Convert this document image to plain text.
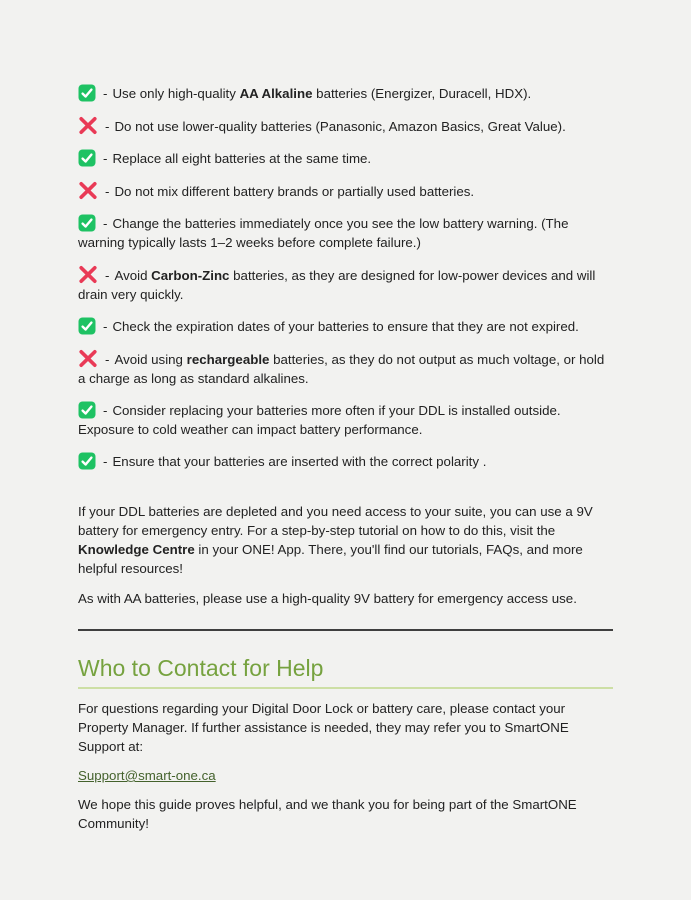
- Use only high-quality AA Alkaline batteries (Energizer, Duracell, HDX).
- Do not use lower-quality batteries (Panasonic, Amazon Basics, Great Value).
- Replace all eight batteries at the same time.
- Do not mix different battery brands or partially used batteries.
- Change the batteries immediately once you see the low battery warning. (The warning typically lasts 1–2 weeks before complete failure.)
- Avoid Carbon-Zinc batteries, as they are designed for low-power devices and will drain very quickly.
- Check the expiration dates of your batteries to ensure that they are not expired.
- Avoid using rechargeable batteries, as they do not output as much voltage, or hold a charge as long as standard alkalines.
- Consider replacing your batteries more often if your DDL is installed outside. Exposure to cold weather can impact battery performance.
- Ensure that your batteries are inserted with the correct polarity .

If your DDL batteries are depleted and you need access to your suite, you can use a 9V battery for emergency entry. For a step-by-step tutorial on how to do this, visit the Knowledge Centre in your ONE! App. There, you'll find our tutorials, FAQs, and more helpful resources!

As with AA batteries, please use a high-quality 9V battery for emergency access use.

Who to Contact for Help

For questions regarding your Digital Door Lock or battery care, please contact your Property Manager. If further assistance is needed, they may refer you to SmartONE Support at:

Support@smart-one.ca

We hope this guide proves helpful, and we thank you for being part of the SmartONE Community!
